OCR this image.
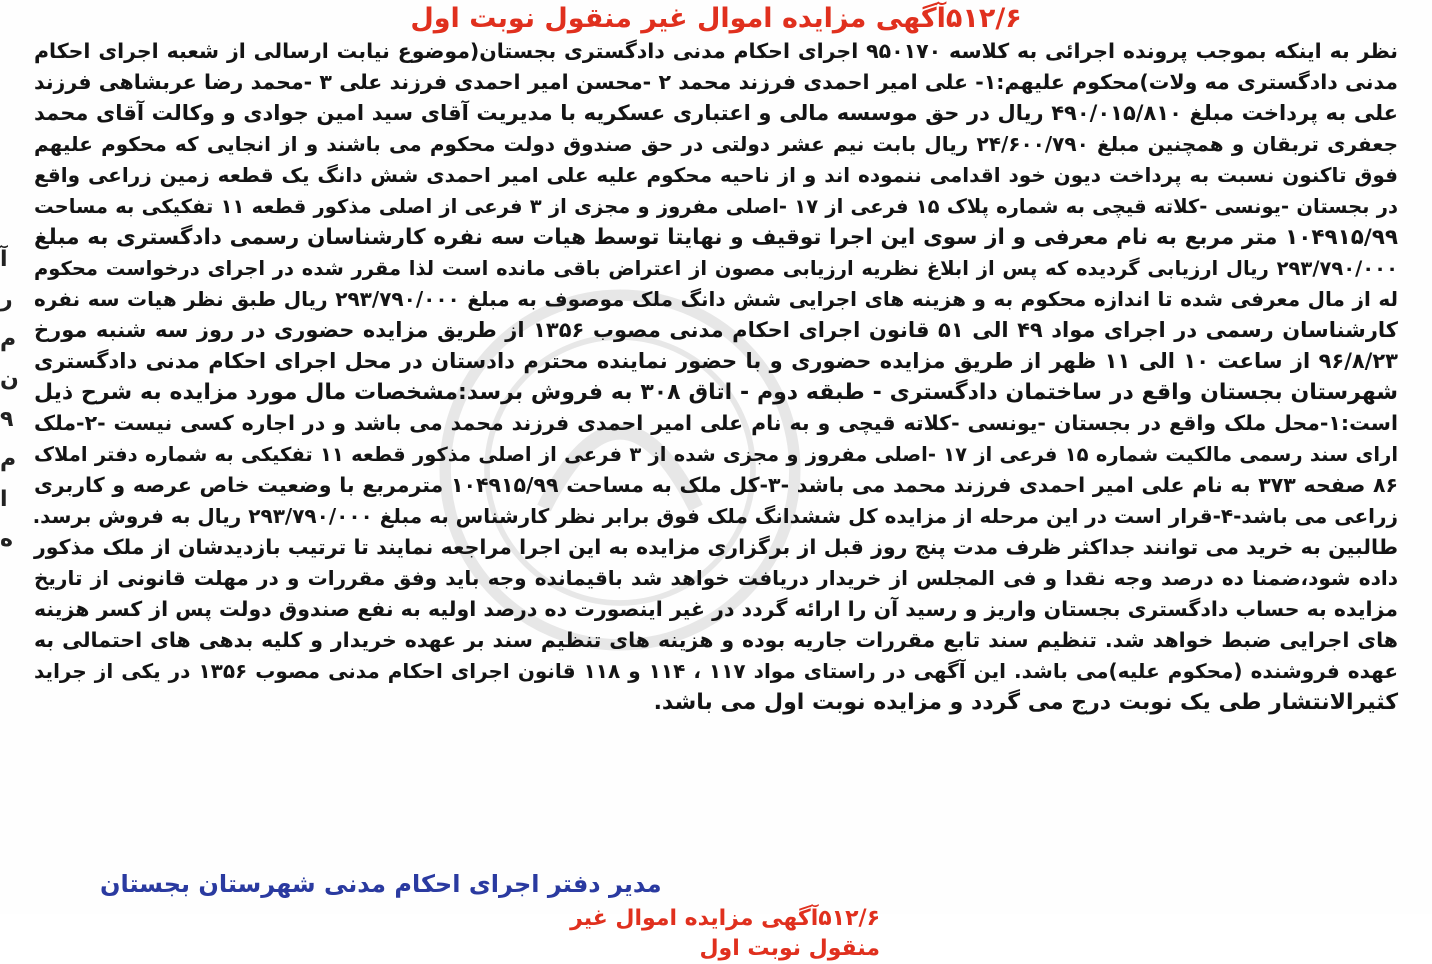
آ
ر
م
ن
۹
م
ا
ه
۵۱۲/۶آگهی مزایده اموال غیر منقول نوبت اول
نظر به اینکه بموجب پرونده اجرائی به کلاسه ۹۵۰۱۷۰ اجرای احکام مدنی دادگستری بجستان(موضوع نیابت ارسالی از شعبه اجرای احکام
مدنی دادگستری مه ولات)محکوم علیهم:۱- علی امیر احمدی فرزند محمد ۲ -محسن امیر احمدی فرزند علی ۳ -محمد رضا عربشاهی فرزند
علی به پرداخت مبلغ ۴۹۰/۰۱۵/۸۱۰ ریال در حق موسسه مالی و اعتباری عسکریه با مدیریت آقای سید امین جوادی و وکالت آقای محمد
جعفری تربقان و همچنین مبلغ ۲۴/۶۰۰/۷۹۰ ریال بابت نیم عشر دولتی در حق صندوق دولت محکوم می باشند و از انجایی که محکوم علیهم
فوق تاکنون نسبت به پرداخت دیون خود اقدامی ننموده اند و از ناحیه محکوم علیه علی امیر احمدی شش دانگ یک قطعه زمین زراعی واقع
در بجستان -یونسی -کلاته قیچی به شماره پلاک ۱۵ فرعی از ۱۷ -اصلی مفروز و مجزی از ۳ فرعی از اصلی مذکور قطعه ۱۱ تفکیکی به مساحت
۱۰۴۹۱۵/۹۹ متر مربع به نام معرفی و از سوی این اجرا توقیف و نهایتا توسط هیات سه نفره کارشناسان رسمی دادگستری به مبلغ
۲۹۳/۷۹۰/۰۰۰ ریال ارزیابی گردیده که پس از ابلاغ نظریه ارزیابی مصون از اعتراض باقی مانده است لذا مقرر شده در اجرای درخواست محکوم
له از مال معرفی شده تا اندازه محکوم به و هزینه های اجرایی شش دانگ ملک موصوف به مبلغ ۲۹۳/۷۹۰/۰۰۰ ریال طبق نظر هیات سه نفره
کارشناسان رسمی در اجرای مواد ۴۹ الی ۵۱ قانون اجرای احکام مدنی مصوب ۱۳۵۶ از طریق مزایده حضوری در روز سه شنبه مورخ
۹۶/۸/۲۳ از ساعت ۱۰ الی ۱۱ ظهر از طریق مزایده حضوری و با حضور نماینده محترم دادستان در محل اجرای احکام مدنی دادگستری
شهرستان بجستان واقع در ساختمان دادگستری - طبقه دوم - اتاق ۳۰۸ به فروش برسد:مشخصات مال مورد مزایده به شرح ذیل
است:۱-محل ملک واقع در بجستان -یونسی -کلاته قیچی و به نام علی امیر احمدی فرزند محمد می باشد و در اجاره کسی نیست -۲-ملک
ارای سند رسمی مالکیت شماره ۱۵ فرعی از ۱۷ -اصلی مفروز و مجزی شده از ۳ فرعی از اصلی مذکور قطعه ۱۱ تفکیکی به شماره دفتر املاک
۸۶ صفحه ۳۷۳ به نام علی امیر احمدی فرزند محمد می باشد -۳-کل ملک به مساحت ۱۰۴۹۱۵/۹۹ مترمربع با وضعیت خاص عرصه و کاربری
زراعی می باشد-۴-قرار است در این مرحله از مزایده کل ششدانگ ملک فوق برابر نظر کارشناس به مبلغ ۲۹۳/۷۹۰/۰۰۰ ریال به فروش برسد.
طالبین به خرید می توانند جداکثر ظرف مدت پنج روز قبل از برگزاری مزایده به این اجرا مراجعه نمایند تا ترتیب بازدیدشان از ملک مذکور
داده شود،ضمنا ده درصد وجه نقدا و فی المجلس از خریدار دریافت خواهد شد باقیمانده وجه باید وفق مقررات و در مهلت قانونی از تاریخ
مزایده به حساب دادگستری بجستان واریز و رسید آن را ارائه گردد در غیر اینصورت ده درصد اولیه به نفع صندوق دولت پس از کسر هزینه
های اجرایی ضبط خواهد شد. تنظیم سند تابع مقررات جاریه بوده و هزینه های تنظیم سند بر عهده خریدار و کلیه بدهی های احتمالی به
عهده فروشنده (محکوم علیه)می باشد. این آگهی در راستای مواد ۱۱۷ ، ۱۱۴ و ۱۱۸ قانون اجرای احکام مدنی مصوب ۱۳۵۶ در یکی از جراید
کثیرالانتشار طی یک نوبت درج می گردد و مزایده نوبت اول می باشد.
مدیر دفتر اجرای احکام مدنی شهرستان بجستان
۵۱۲/۶آگهی مزایده اموال غیر منقول نوبت اول
